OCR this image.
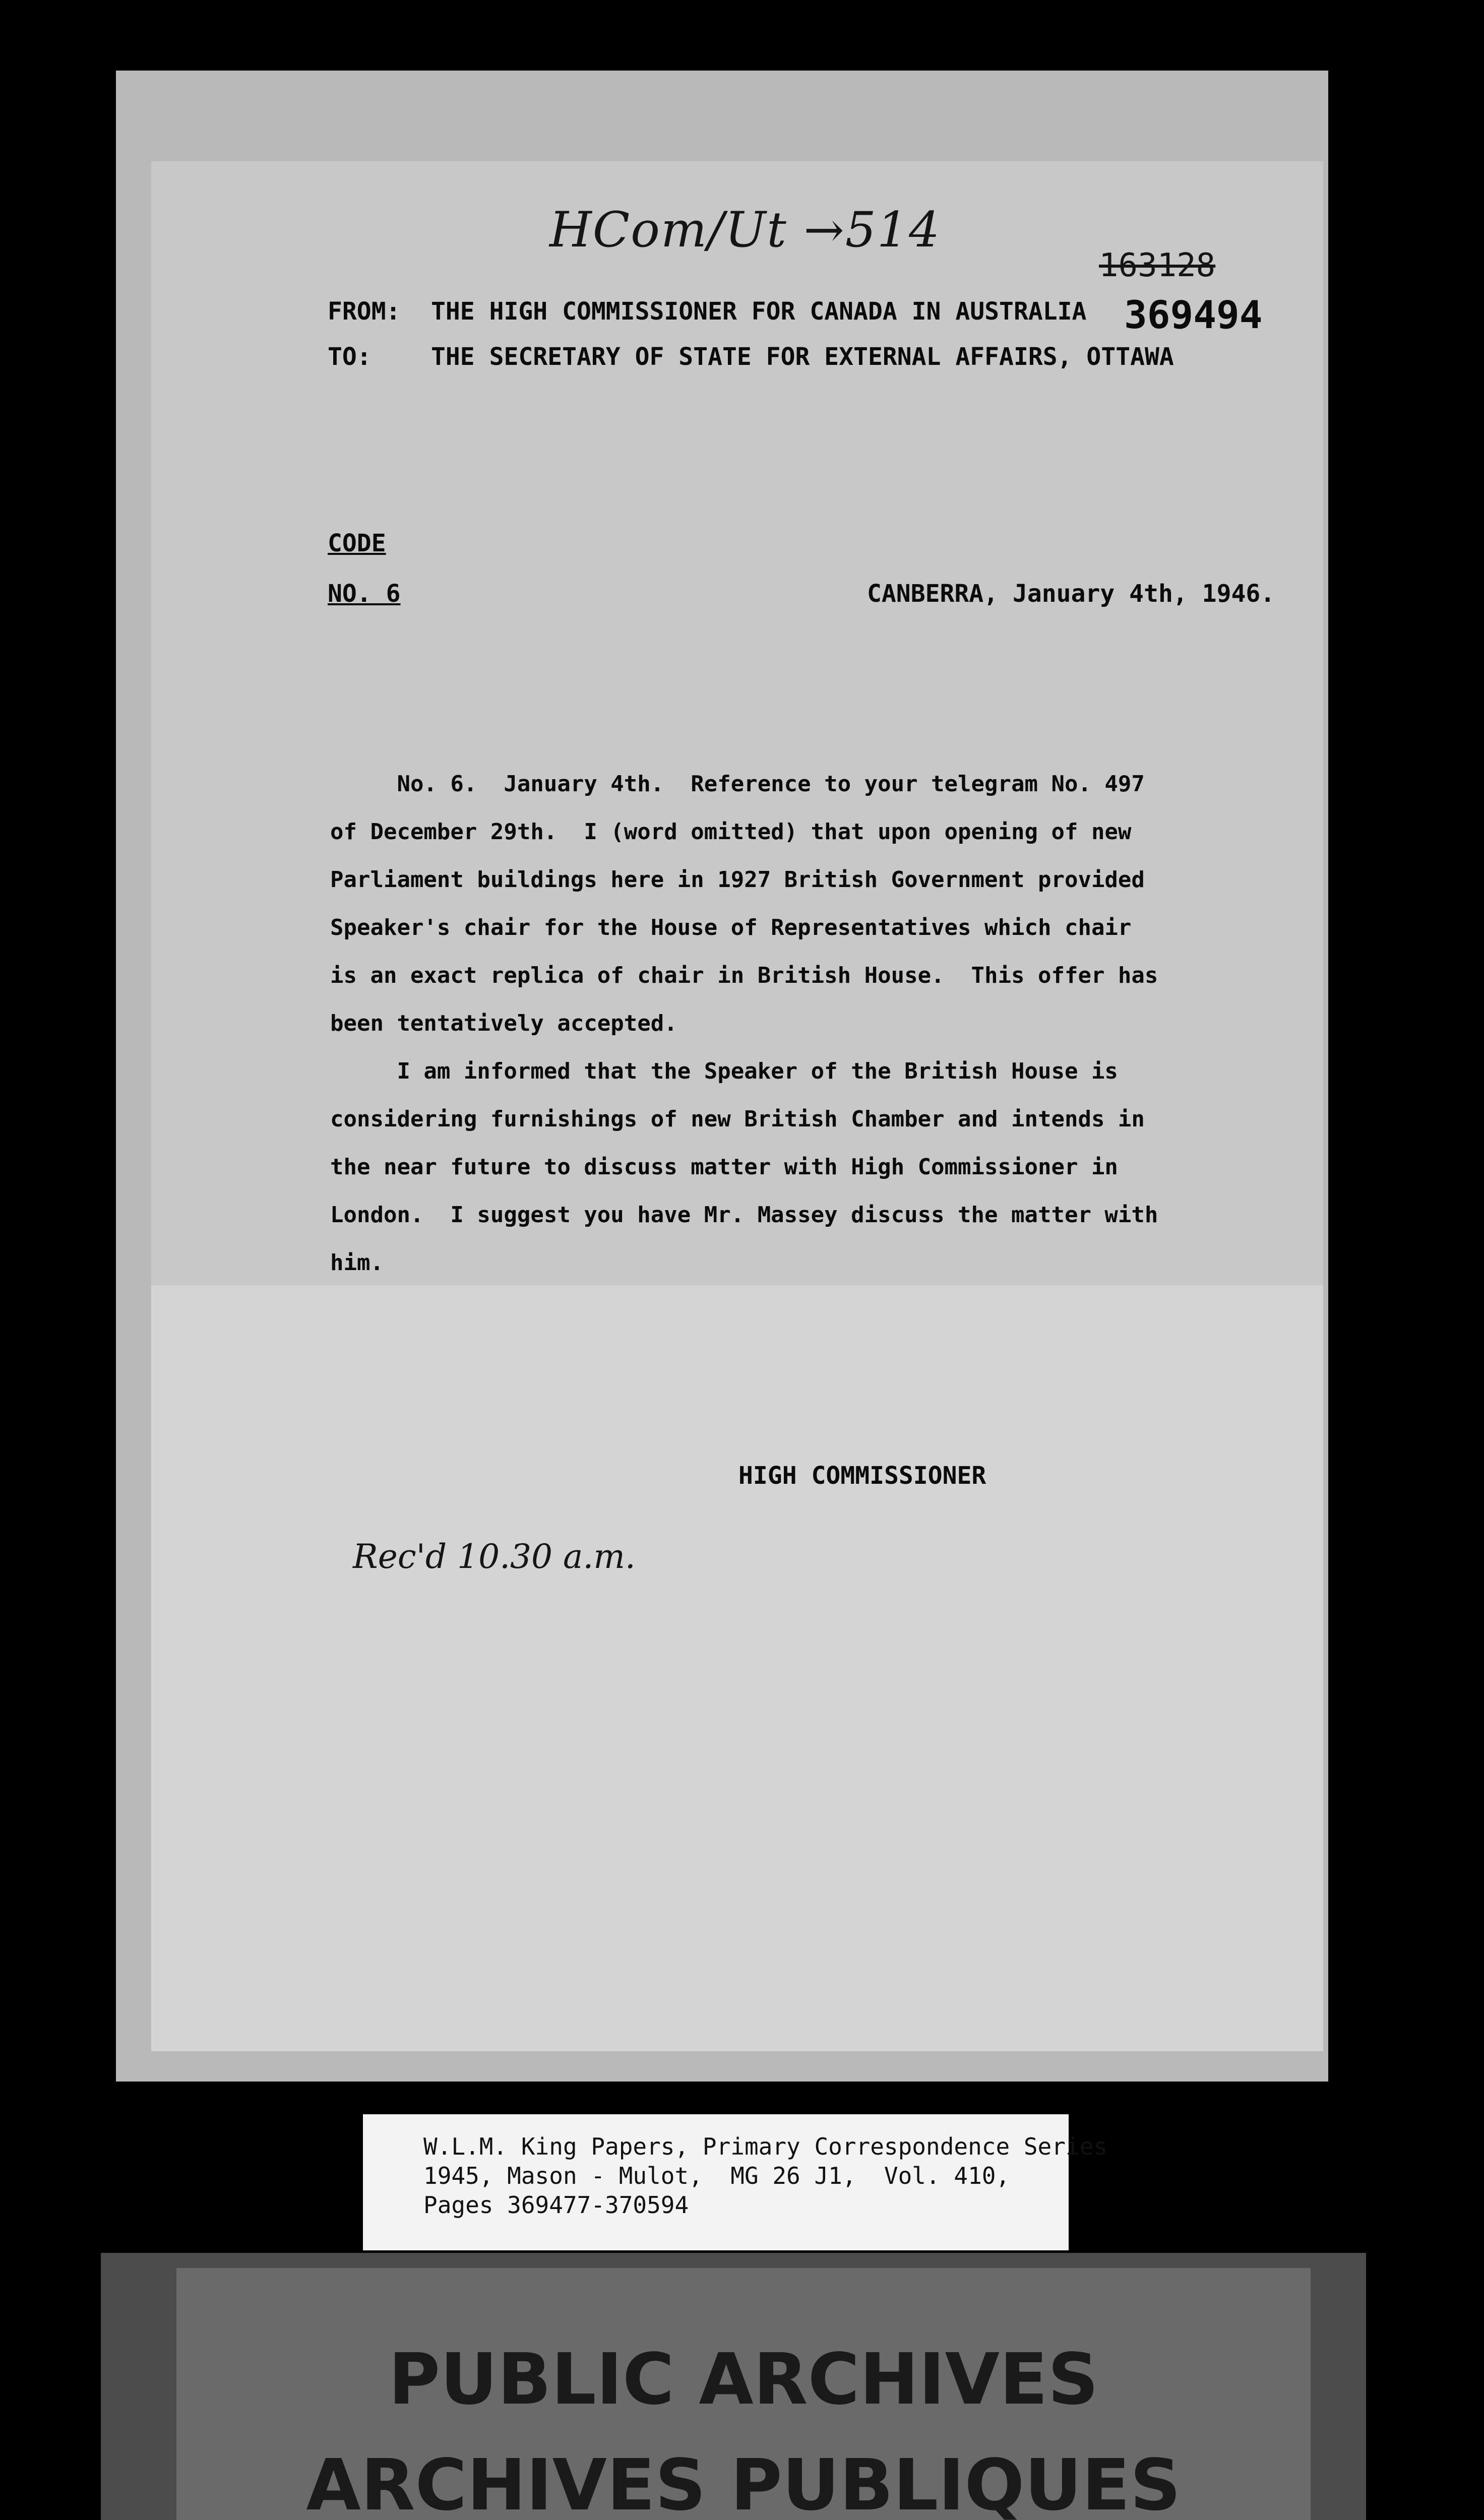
HCom/Ut →514
163128
369494
FROM: THE HIGH COMMISSIONER FOR CANADA IN AUSTRALIA
TO: THE SECRETARY OF STATE FOR EXTERNAL AFFAIRS, OTTAWA
CODE
NO. 6	CANBERRA, January 4th, 1946.
No. 6.  January 4th.  Reference to your telegram No. 497
of December 29th.  I (word omitted) that upon opening of new
Parliament buildings here in 1927 British Government provided
Speaker's chair for the House of Representatives which chair
is an exact replica of chair in British House.  This offer has
been tentatively accepted.
I am informed that the Speaker of the British House is
considering furnishings of new British Chamber and intends in
the near future to discuss matter with High Commissioner in
London.  I suggest you have Mr. Massey discuss the matter with
him.
HIGH COMMISSIONER
Rec'd 10.30 a.m.
W.L.M. King Papers, Primary Correspondence Series
1945, Mason - Mulot,  MG 26 J1,  Vol. 410,
Pages 369477-370594
PUBLIC ARCHIVES
ARCHIVES PUBLIQUES
